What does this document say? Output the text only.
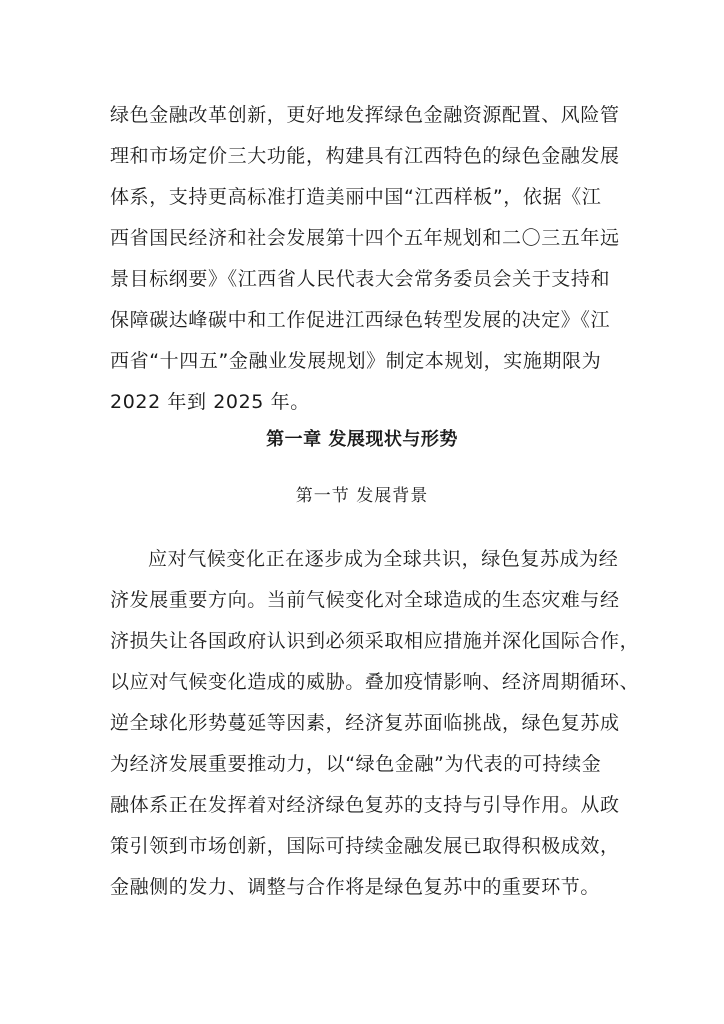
绿色金融改革创新，更好地发挥绿色金融资源配置、风险管
理和市场定价三大功能，构建具有江西特色的绿色金融发展
体系，支持更高标准打造美丽中国“江西样板”，依据《江
西省国民经济和社会发展第十四个五年规划和二〇三五年远
景目标纲要》《江西省人民代表大会常务委员会关于支持和
保障碳达峰碳中和工作促进江西绿色转型发展的决定》《江
西省“十四五”金融业发展规划》制定本规划，实施期限为
2022 年到 2025 年。
第一章 发展现状与形势
第一节 发展背景
应对气候变化正在逐步成为全球共识，绿色复苏成为经
济发展重要方向。当前气候变化对全球造成的生态灾难与经
济损失让各国政府认识到必须采取相应措施并深化国际合作，
以应对气候变化造成的威胁。叠加疫情影响、经济周期循环、
逆全球化形势蔓延等因素，经济复苏面临挑战，绿色复苏成
为经济发展重要推动力，以“绿色金融”为代表的可持续金
融体系正在发挥着对经济绿色复苏的支持与引导作用。从政
策引领到市场创新，国际可持续金融发展已取得积极成效，
金融侧的发力、调整与合作将是绿色复苏中的重要环节。
